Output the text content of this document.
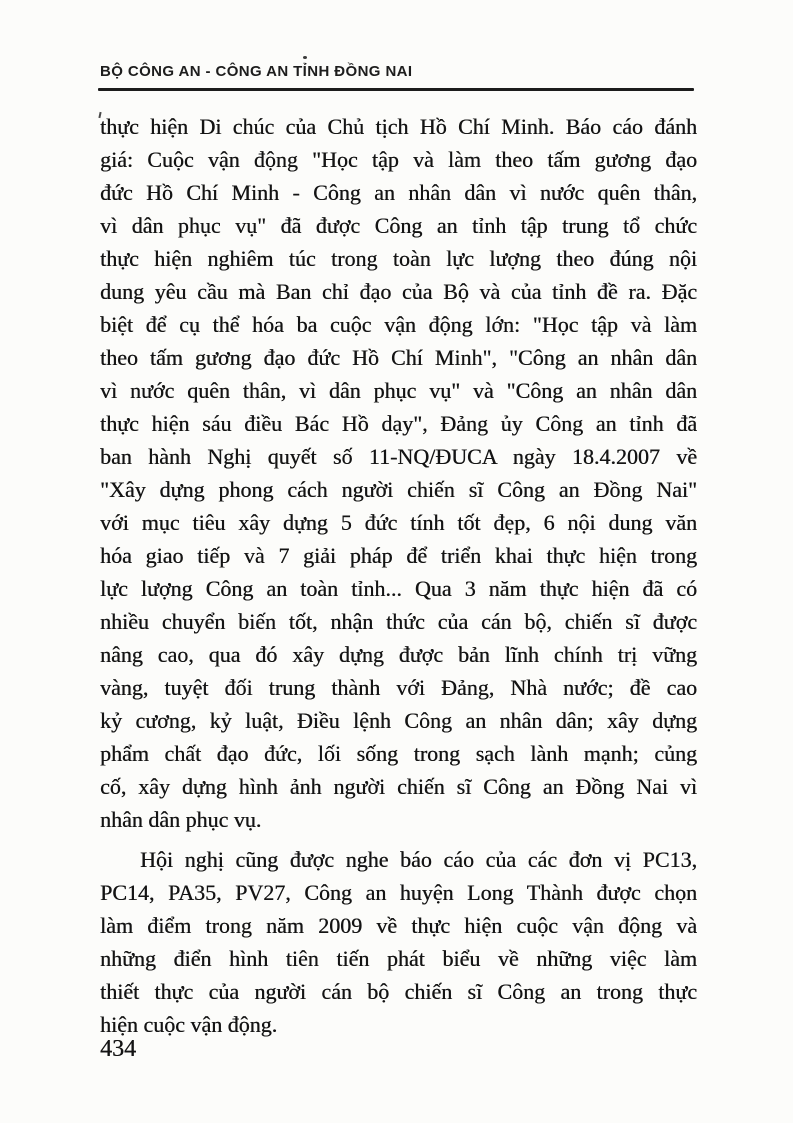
BỘ CÔNG AN - CÔNG AN TỈNH ĐỒNG NAI
thực hiện Di chúc của Chủ tịch Hồ Chí Minh. Báo cáo đánh
giá: Cuộc vận động "Học tập và làm theo tấm gương đạo
đức Hồ Chí Minh - Công an nhân dân vì nước quên thân,
vì dân phục vụ" đã được Công an tỉnh tập trung tổ chức
thực hiện nghiêm túc trong toàn lực lượng theo đúng nội
dung yêu cầu mà Ban chỉ đạo của Bộ và của tỉnh đề ra. Đặc
biệt để cụ thể hóa ba cuộc vận động lớn: "Học tập và làm
theo tấm gương đạo đức Hồ Chí Minh", "Công an nhân dân
vì nước quên thân, vì dân phục vụ" và "Công an nhân dân
thực hiện sáu điều Bác Hồ dạy", Đảng ủy Công an tỉnh đã
ban hành Nghị quyết số 11-NQ/ĐUCA ngày 18.4.2007 về
"Xây dựng phong cách người chiến sĩ Công an Đồng Nai"
với mục tiêu xây dựng 5 đức tính tốt đẹp, 6 nội dung văn
hóa giao tiếp và 7 giải pháp để triển khai thực hiện trong
lực lượng Công an toàn tỉnh... Qua 3 năm thực hiện đã có
nhiều chuyển biến tốt, nhận thức của cán bộ, chiến sĩ được
nâng cao, qua đó xây dựng được bản lĩnh chính trị vững
vàng, tuyệt đối trung thành với Đảng, Nhà nước; đề cao
kỷ cương, kỷ luật, Điều lệnh Công an nhân dân; xây dựng
phẩm chất đạo đức, lối sống trong sạch lành mạnh; củng
cố, xây dựng hình ảnh người chiến sĩ Công an Đồng Nai vì
nhân dân phục vụ.
Hội nghị cũng được nghe báo cáo của các đơn vị PC13,
PC14, PA35, PV27, Công an huyện Long Thành được chọn
làm điểm trong năm 2009 về thực hiện cuộc vận động và
những điển hình tiên tiến phát biểu về những việc làm
thiết thực của người cán bộ chiến sĩ Công an trong thực
hiện cuộc vận động.
434
